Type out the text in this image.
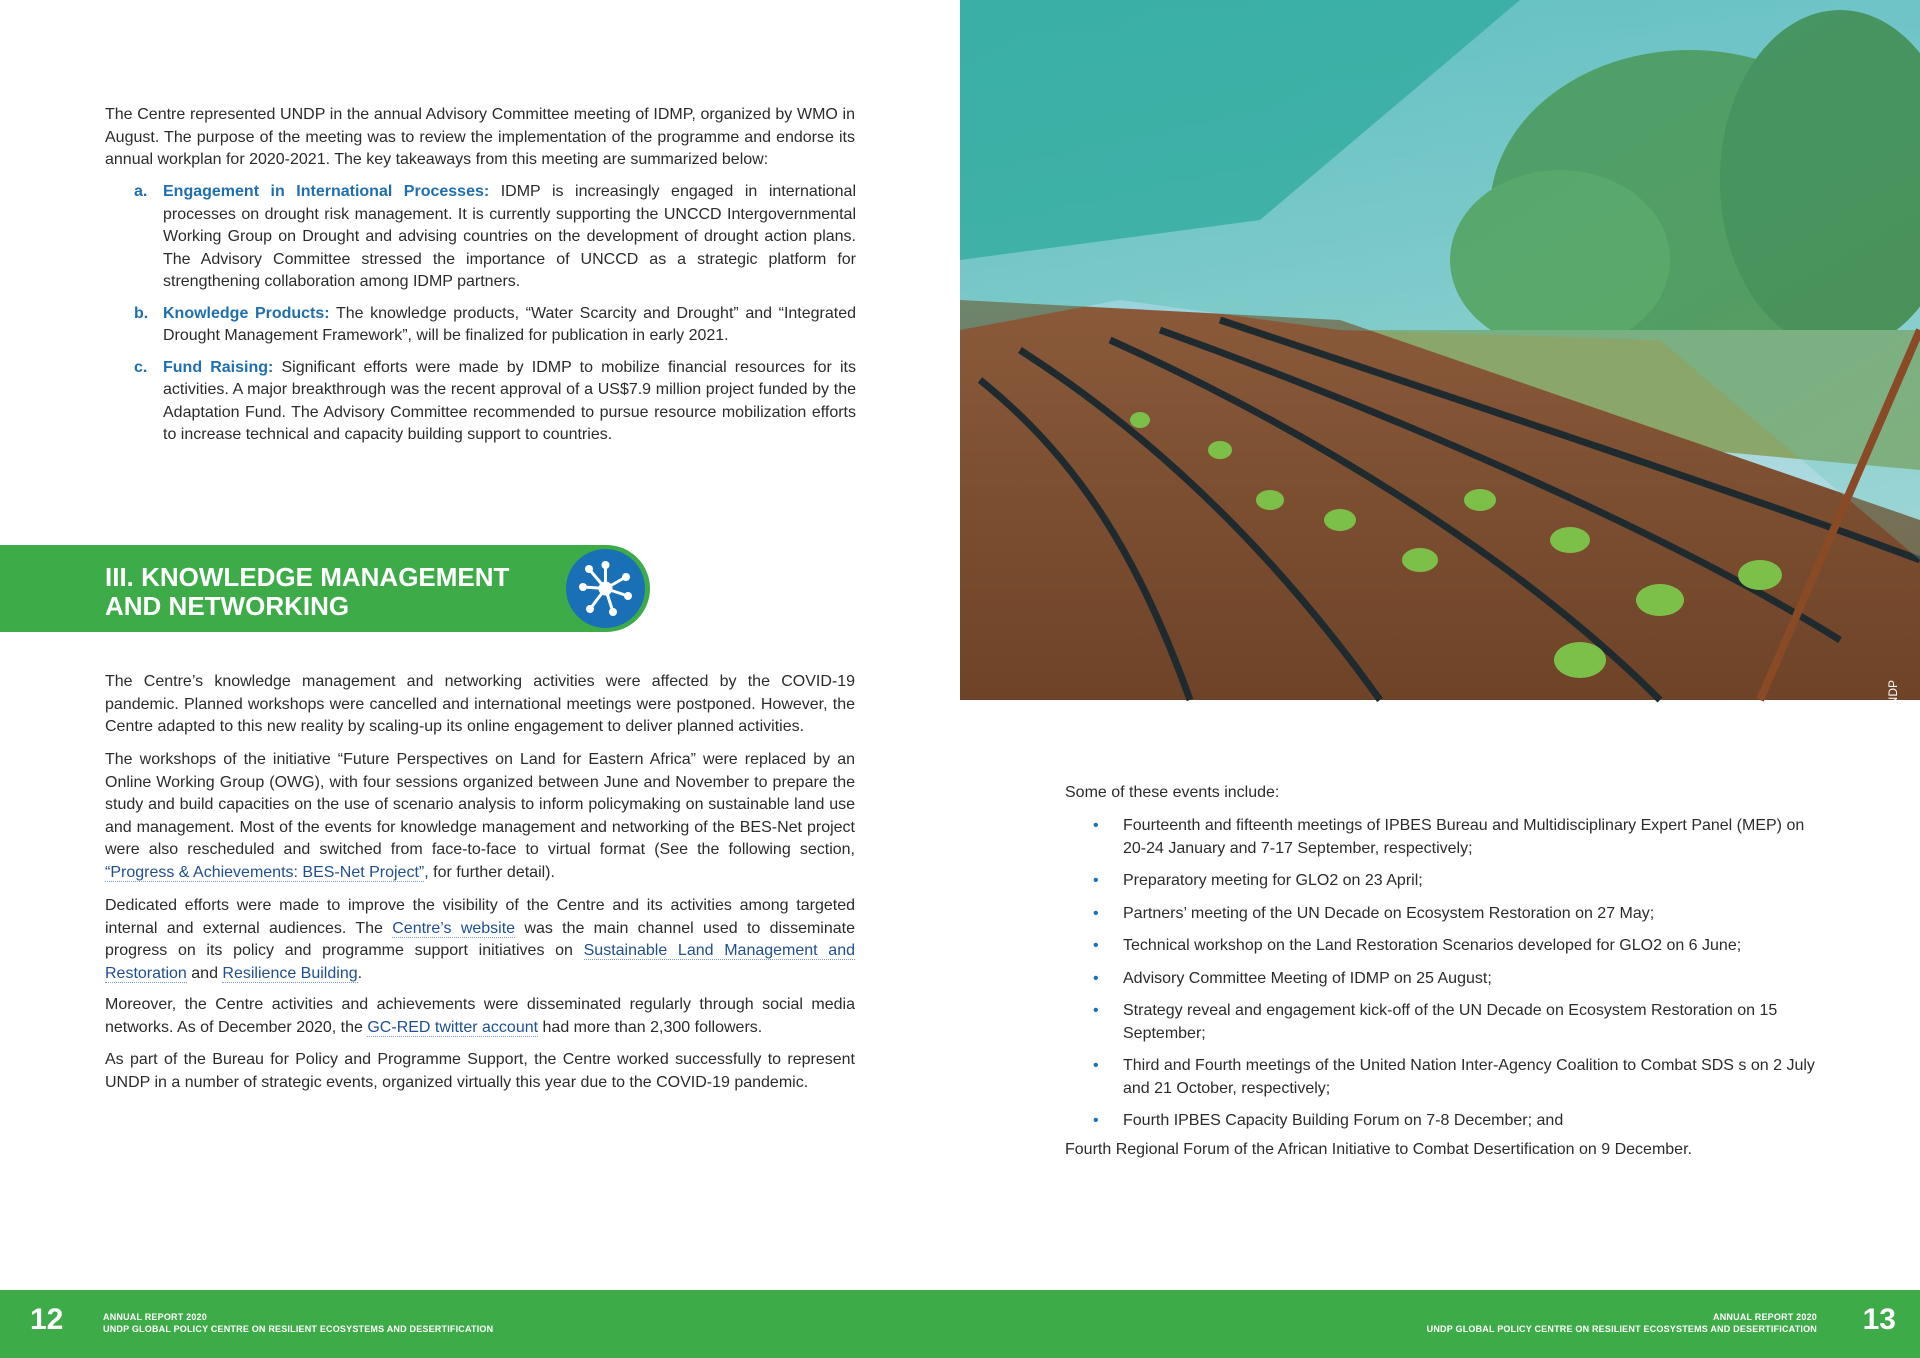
The Centre represented UNDP in the annual Advisory Committee meeting of IDMP, organized by WMO in August. The purpose of the meeting was to review the implementation of the programme and endorse its annual workplan for 2020-2021. The key takeaways from this meeting are summarized below:

a. Engagement in International Processes: IDMP is increasingly engaged in international processes on drought risk management. It is currently supporting the UNCCD Intergovernmental Working Group on Drought and advising countries on the development of drought action plans. The Advisory Committee stressed the importance of UNCCD as a strategic platform for strengthening collaboration among IDMP partners.
b. Knowledge Products: The knowledge products, “Water Scarcity and Drought” and “Integrated Drought Management Framework”, will be finalized for publication in early 2021.
c. Fund Raising: Significant efforts were made by IDMP to mobilize financial resources for its activities. A major breakthrough was the recent approval of a US$7.9 million project funded by the Adaptation Fund. The Advisory Committee recommended to pursue resource mobilization efforts to increase technical and capacity building support to countries.
III. KNOWLEDGE MANAGEMENT
AND NETWORKING

The Centre’s knowledge management and networking activities were affected by the COVID-19 pandemic. Planned workshops were cancelled and international meetings were postponed. However, the Centre adapted to this new reality by scaling-up its online engagement to deliver planned activities.

The workshops of the initiative “Future Perspectives on Land for Eastern Africa” were replaced by an Online Working Group (OWG), with four sessions organized between June and November to prepare the study and build capacities on the use of scenario analysis to inform policymaking on sustainable land use and management. Most of the events for knowledge management and networking of the BES-Net project were also rescheduled and switched from face-to-face to virtual format (See the following section, “Progress & Achievements: BES-Net Project”, for further detail).

Dedicated efforts were made to improve the visibility of the Centre and its activities among targeted internal and external audiences. The Centre’s website was the main channel used to disseminate progress on its policy and programme support initiatives on Sustainable Land Management and Restoration and Resilience Building.

Moreover, the Centre activities and achievements were disseminated regularly through social media networks. As of December 2020, the GC-RED twitter account had more than 2,300 followers.

As part of the Bureau for Policy and Programme Support, the Centre worked successfully to represent UNDP in a number of strategic events, organized virtually this year due to the COVID-19 pandemic.

Photo: UNDP

Some of these events include:

• Fourteenth and fifteenth meetings of IPBES Bureau and Multidisciplinary Expert Panel (MEP) on 20-24 January and 7-17 September, respectively;
• Preparatory meeting for GLO2 on 23 April;
• Partners’ meeting of the UN Decade on Ecosystem Restoration on 27 May;
• Technical workshop on the Land Restoration Scenarios developed for GLO2 on 6 June;
• Advisory Committee Meeting of IDMP on 25 August;
• Strategy reveal and engagement kick-off of the UN Decade on Ecosystem Restoration on 15 September;
• Third and Fourth meetings of the United Nation Inter-Agency Coalition to Combat SDS s on 2 July and 21 October, respectively;
• Fourth IPBES Capacity Building Forum on 7-8 December; and

Fourth Regional Forum of the African Initiative to Combat Desertification on 9 December.

12	ANNUAL REPORT 2020
UNDP GLOBAL POLICY CENTRE ON RESILIENT ECOSYSTEMS AND DESERTIFICATION
ANNUAL REPORT 2020
UNDP GLOBAL POLICY CENTRE ON RESILIENT ECOSYSTEMS AND DESERTIFICATION 13
